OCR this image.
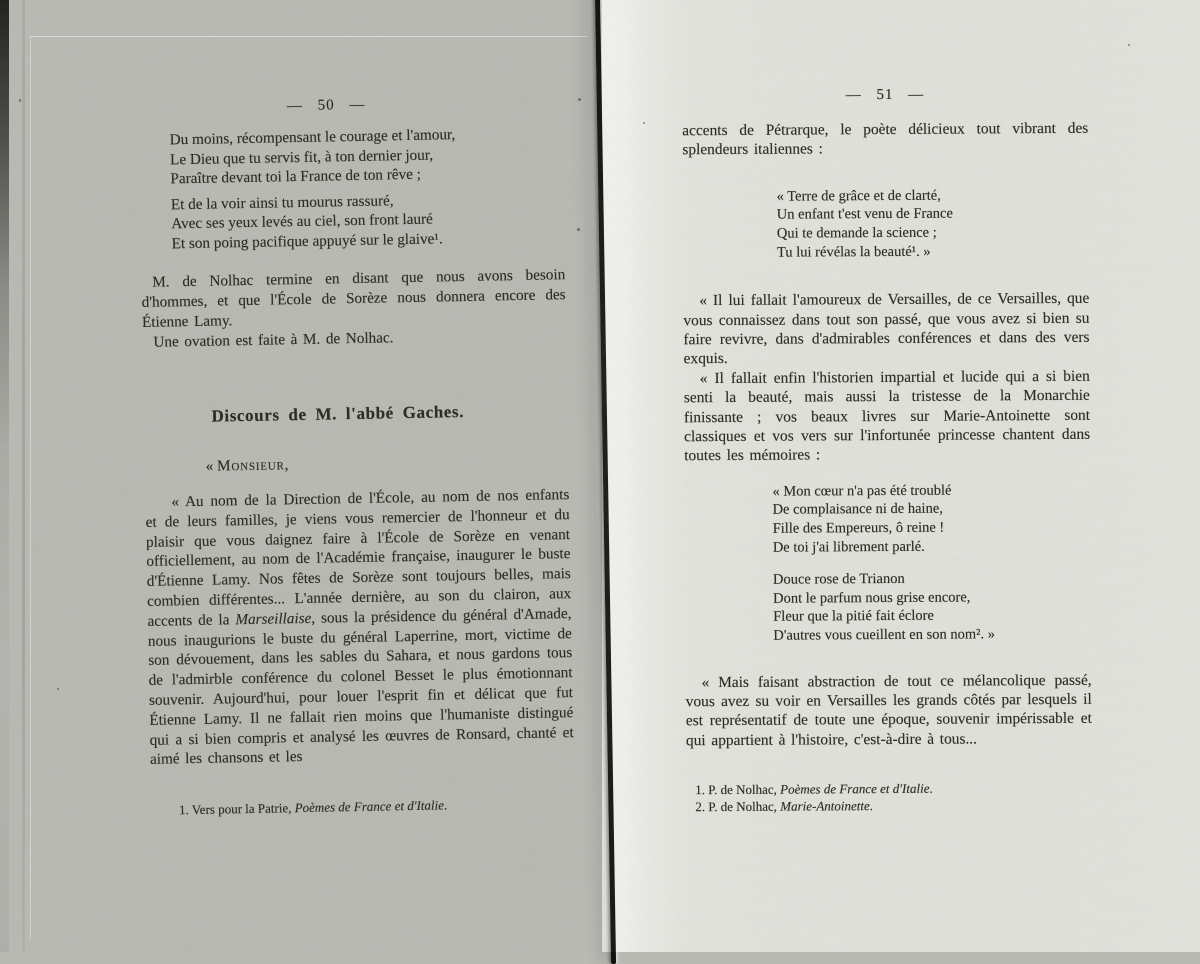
— 50 —
Du moins, récompensant le courage et l'amour,
Le Dieu que tu servis fit, à ton dernier jour,
Paraître devant toi la France de ton rêve ;
Et de la voir ainsi tu mourus rassuré,
Avec ses yeux levés au ciel, son front lauré
Et son poing pacifique appuyé sur le glaive¹.
M. de Nolhac termine en disant que nous avons besoin d'hommes, et que l'École de Sorèze nous donnera encore des Étienne Lamy.
Une ovation est faite à M. de Nolhac.
Discours de M. l'abbé Gaches.
« Monsieur,
« Au nom de la Direction de l'École, au nom de nos enfants et de leurs familles, je viens vous remercier de l'honneur et du plaisir que vous daignez faire à l'École de Sorèze en venant officiellement, au nom de l'Académie française, inaugurer le buste d'Étienne Lamy. Nos fêtes de Sorèze sont toujours belles, mais combien différentes... L'année dernière, au son du clairon, aux accents de la Marseillaise, sous la présidence du général d'Amade, nous inaugurions le buste du général Laperrine, mort, victime de son dévouement, dans les sables du Sahara, et nous gardons tous de l'admirble conférence du colonel Besset le plus émotionnant souvenir. Aujourd'hui, pour louer l'esprit fin et délicat que fut Étienne Lamy. Il ne fallait rien moins que l'humaniste distingué qui a si bien compris et analysé les œuvres de Ronsard, chanté et aimé les chansons et les
1. Vers pour la Patrie, Poèmes de France et d'Italie.
— 51 —
accents de Pétrarque, le poète délicieux tout vibrant des splendeurs italiennes :
« Terre de grâce et de clarté,
Un enfant t'est venu de France
Qui te demande la science ;
Tu lui révélas la beauté¹. »
« Il lui fallait l'amoureux de Versailles, de ce Versailles, que vous connaissez dans tout son passé, que vous avez si bien su faire revivre, dans d'admirables conférences et dans des vers exquis.
« Il fallait enfin l'historien impartial et lucide qui a si bien senti la beauté, mais aussi la tristesse de la Monarchie finissante ; vos beaux livres sur Marie-Antoinette sont classiques et vos vers sur l'infortunée princesse chantent dans toutes les mémoires :
« Mon cœur n'a pas été troublé
De complaisance ni de haine,
Fille des Empereurs, ô reine !
De toi j'ai librement parlé.
Douce rose de Trianon
Dont le parfum nous grise encore,
Fleur que la pitié fait éclore
D'autres vous cueillent en son nom². »
« Mais faisant abstraction de tout ce mélancolique passé, vous avez su voir en Versailles les grands côtés par lesquels il est représentatif de toute une époque, souvenir impérissable et qui appartient à l'histoire, c'est-à-dire à tous...
1. P. de Nolhac, Poèmes de France et d'Italie.
2. P. de Nolhac, Marie-Antoinette.
